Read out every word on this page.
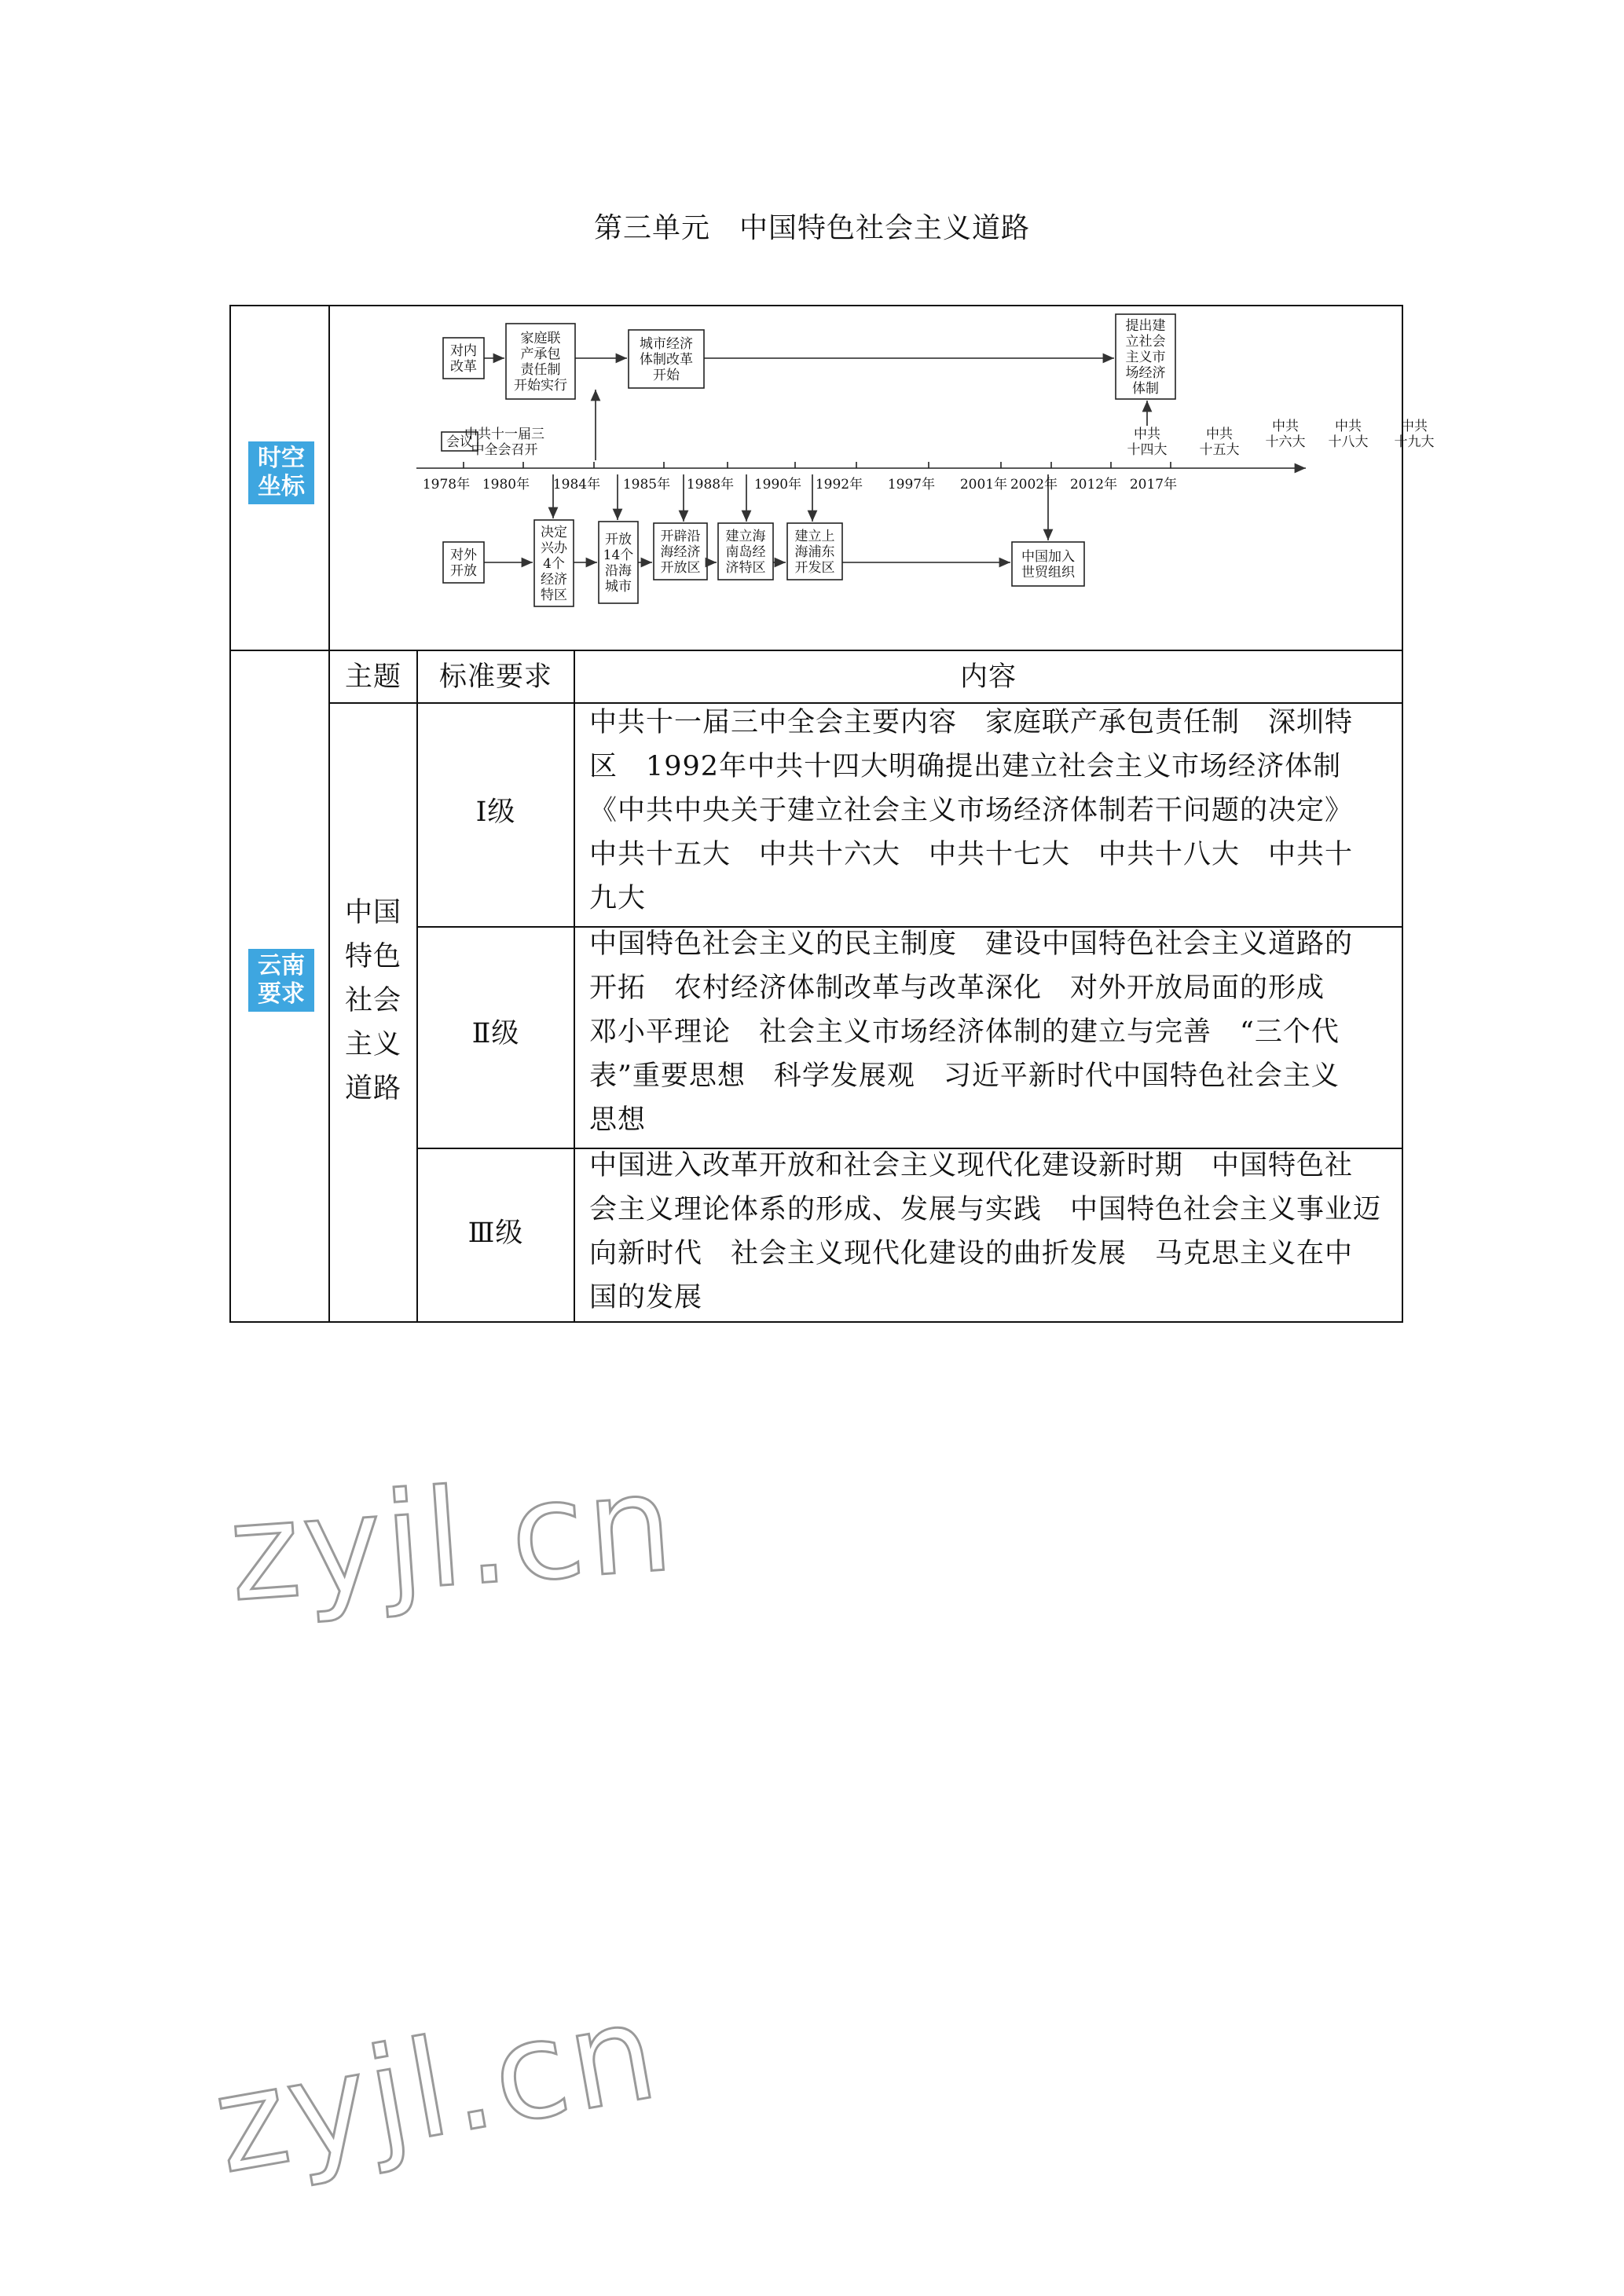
第三单元　中国特色社会主义道路
时空
坐标
云南
要求
1978年 1980年 1984年 1985年 1988年 1990年 1992年 1997年 2001年 2002年 2012年 2017年
对内改革
会议
对外开放
家庭联产承包责任制开始实行
城市经济体制改革开始
提出建立社会主义市场经济体制
中共十一届三中全会召开
中共十四大
中共十五大
中共十六大
中共十八大
中共十九大
决定兴办 4个经济特区
开放 14个沿海城市
开辟沿海经济开放区
建立海南岛经济特区
建立上海浦东开发区
中国加入世贸组织
主题	标准要求	内容
中国
特色
社会
主义
道路
Ⅰ级
Ⅱ级
Ⅲ级
中共十一届三中全会主要内容　家庭联产承包责任制　深圳特
区　1992年中共十四大明确提出建立社会主义市场经济体制
《中共中央关于建立社会主义市场经济体制若干问题的决定》
中共十五大　中共十六大　中共十七大　中共十八大　中共十
九大
中国特色社会主义的民主制度　建设中国特色社会主义道路的
开拓　农村经济体制改革与改革深化　对外开放局面的形成
邓小平理论　社会主义市场经济体制的建立与完善　“三个代
表”重要思想　科学发展观　习近平新时代中国特色社会主义
思想
中国进入改革开放和社会主义现代化建设新时期　中国特色社
会主义理论体系的形成、发展与实践　中国特色社会主义事业迈
向新时代　社会主义现代化建设的曲折发展　马克思主义在中
国的发展
zyjl.cn
zyjl.cn
